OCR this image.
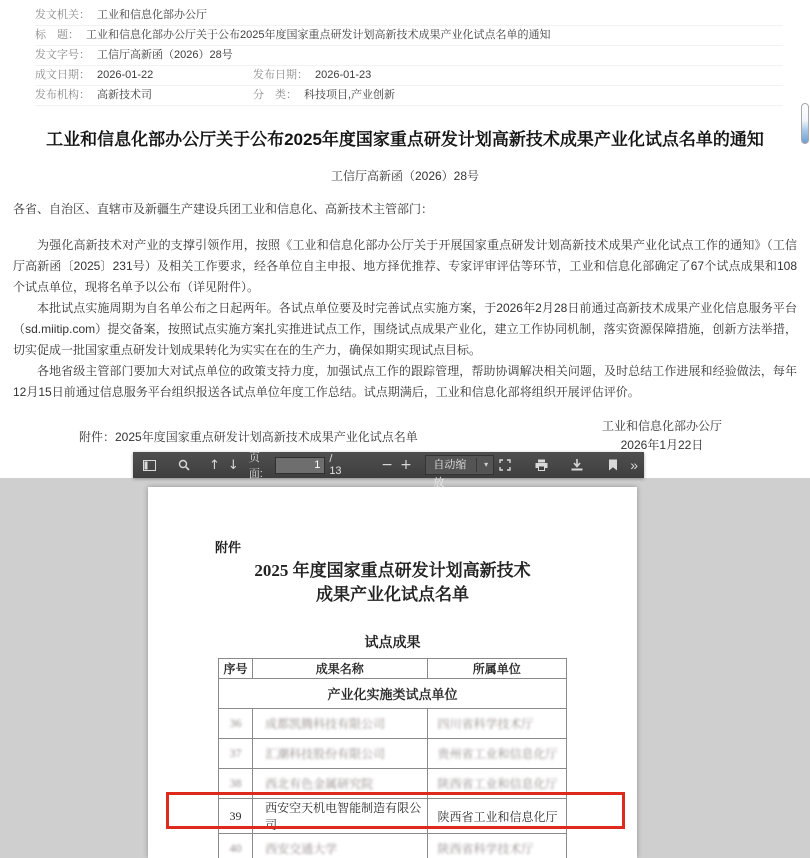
发文机关： 工业和信息化部办公厅
标　题： 工业和信息化部办公厅关于公布2025年度国家重点研发计划高新技术成果产业化试点名单的通知
发文字号： 工信厅高新函（2026）28号
成文日期： 2026-01-22	发布日期： 2026-01-23
发布机构： 高新技术司	分　类： 科技项目,产业创新
工业和信息化部办公厅关于公布2025年度国家重点研发计划高新技术成果产业化试点名单的通知
工信厅高新函（2026）28号

各省、自治区、直辖市及新疆生产建设兵团工业和信息化、高新技术主管部门：

为强化高新技术对产业的支撑引领作用，按照《工业和信息化部办公厅关于开展国家重点研发计划高新技术成果产业化试点工作的通知》（工信厅高新函〔2025〕231号）及相关工作要求，经各单位自主申报、地方择优推荐、专家评审评估等环节，工业和信息化部确定了67个试点成果和108个试点单位，现将名单予以公布（详见附件）。

本批试点实施周期为自名单公布之日起两年。各试点单位要及时完善试点实施方案，于2026年2月28日前通过高新技术成果产业化信息服务平台（sd.miitip.com）提交备案，按照试点实施方案扎实推进试点工作，围绕试点成果产业化，建立工作协同机制，落实资源保障措施，创新方法举措，切实促成一批国家重点研发计划成果转化为实实在在的生产力，确保如期实现试点目标。

各地省级主管部门要加大对试点单位的政策支持力度，加强试点工作的跟踪管理，帮助协调解决相关问题，及时总结工作进展和经验做法，每年12月15日前通过信息服务平台组织报送各试点单位年度工作总结。试点期满后，工业和信息化部将组织开展评估评价。

附件：2025年度国家重点研发计划高新技术成果产业化试点名单

工业和信息化部办公厅
2026年1月22日
↑ ↓ 页面:
1
/ 13	− +	自动缩放
▾	»
附件
2025 年度国家重点研发计划高新技术
成果产业化试点名单
试点成果
序号	成果名称	所属单位
产业化实施类试点单位		
36	成都凯腾科技有限公司	四川省科学技术厅
37	汇潮科技股份有限公司	贵州省工业和信息化厅
38	西北有色金属研究院	陕西省工业和信息化厅
39	西安空天机电智能制造有限公司	陕西省工业和信息化厅
40	西安交通大学	陕西省科学技术厅
